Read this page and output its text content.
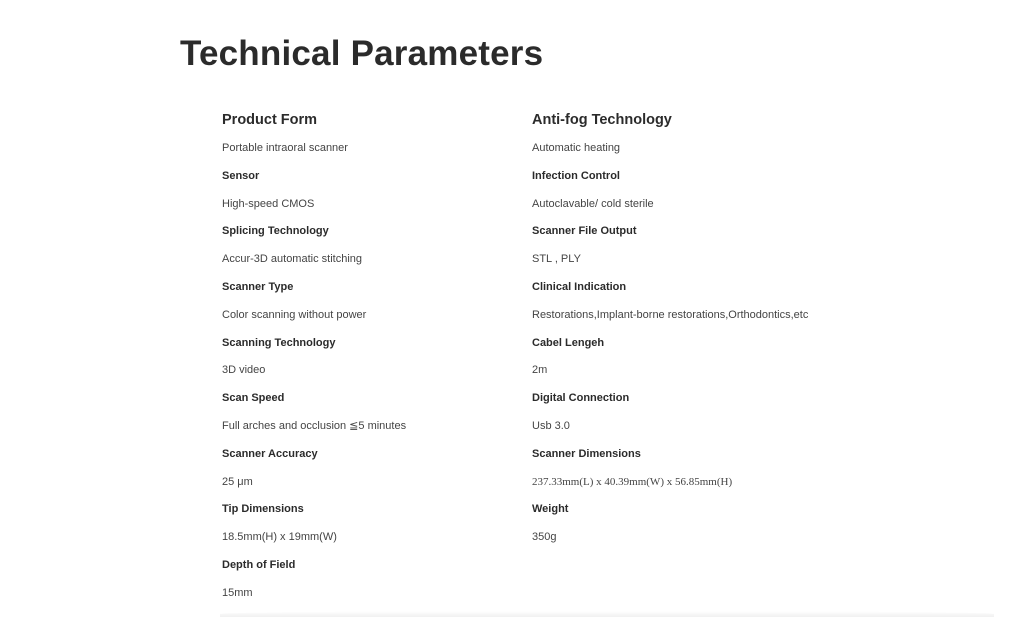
Technical Parameters
Product Form
Portable intraoral scanner
Sensor
High-speed CMOS
Splicing Technology
Accur-3D automatic stitching
Scanner Type
Color scanning without power
Scanning Technology
3D video
Scan Speed
Full arches and occlusion ≦5 minutes
Scanner Accuracy
25 μm
Tip Dimensions
18.5mm(H) x 19mm(W)
Depth of Field
15mm
Anti-fog Technology
Automatic heating
Infection Control
Autoclavable/ cold sterile
Scanner File Output
STL , PLY
Clinical Indication
Restorations,Implant-borne restorations,Orthodontics,etc
Cabel Lengeh
2m
Digital Connection
Usb 3.0
Scanner Dimensions
237.33mm(L) x 40.39mm(W) x 56.85mm(H)
Weight
350g
